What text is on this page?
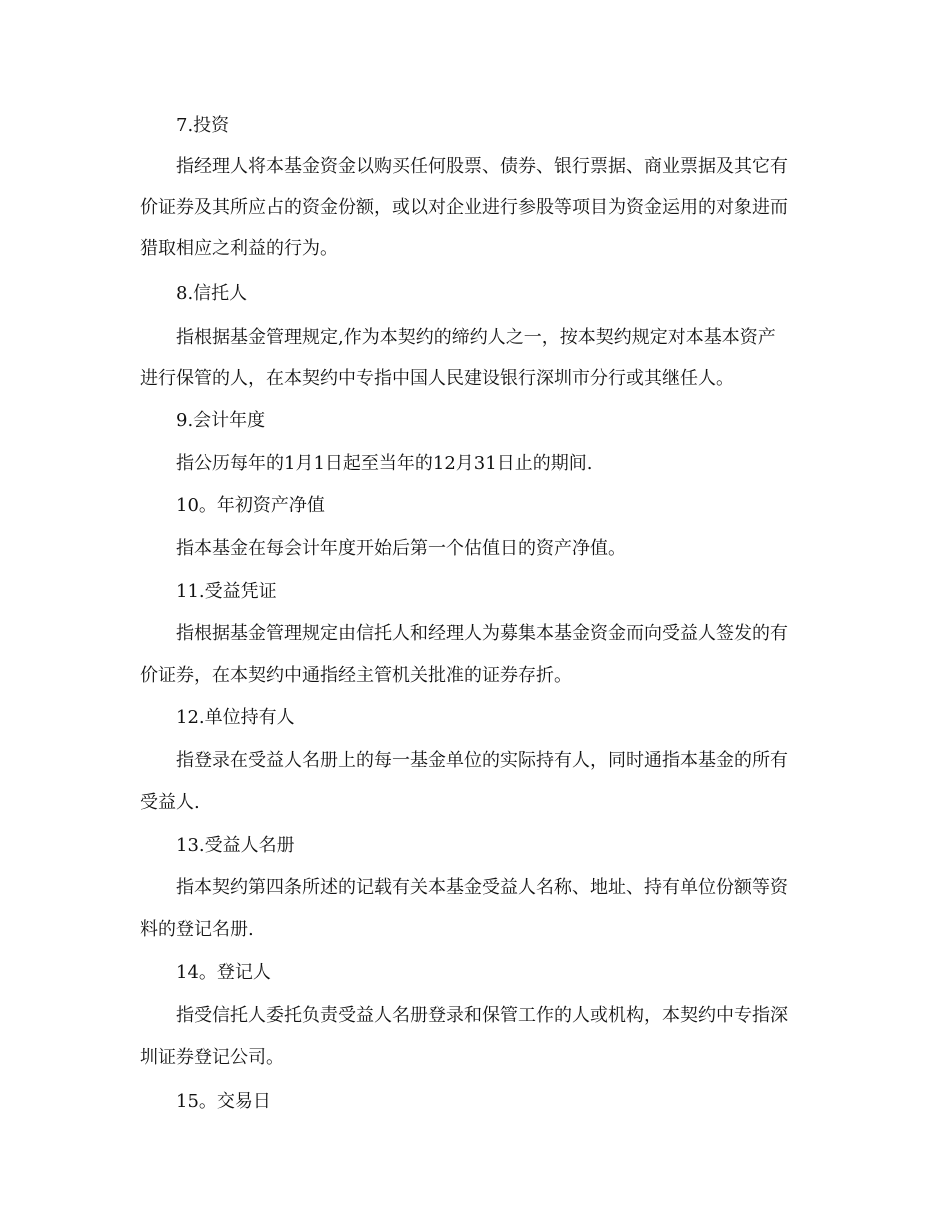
7.投资
指经理人将本基金资金以购买任何股票、债券、银行票据、商业票据及其它有
价证券及其所应占的资金份额，或以对企业进行参股等项目为资金运用的对象进而
猎取相应之利益的行为。
8.信托人
指根据基金管理规定,作为本契约的缔约人之一，按本契约规定对本基本资产
进行保管的人，在本契约中专指中国人民建设银行深圳市分行或其继任人。
9.会计年度
指公历每年的1月1日起至当年的12月31日止的期间.
10。年初资产净值
指本基金在每会计年度开始后第一个估值日的资产净值。
11.受益凭证
指根据基金管理规定由信托人和经理人为募集本基金资金而向受益人签发的有
价证券，在本契约中通指经主管机关批准的证券存折。
12.单位持有人
指登录在受益人名册上的每一基金单位的实际持有人，同时通指本基金的所有
受益人.
13.受益人名册
指本契约第四条所述的记载有关本基金受益人名称、地址、持有单位份额等资
料的登记名册.
14。登记人
指受信托人委托负责受益人名册登录和保管工作的人或机构，本契约中专指深
圳证券登记公司。
15。交易日
